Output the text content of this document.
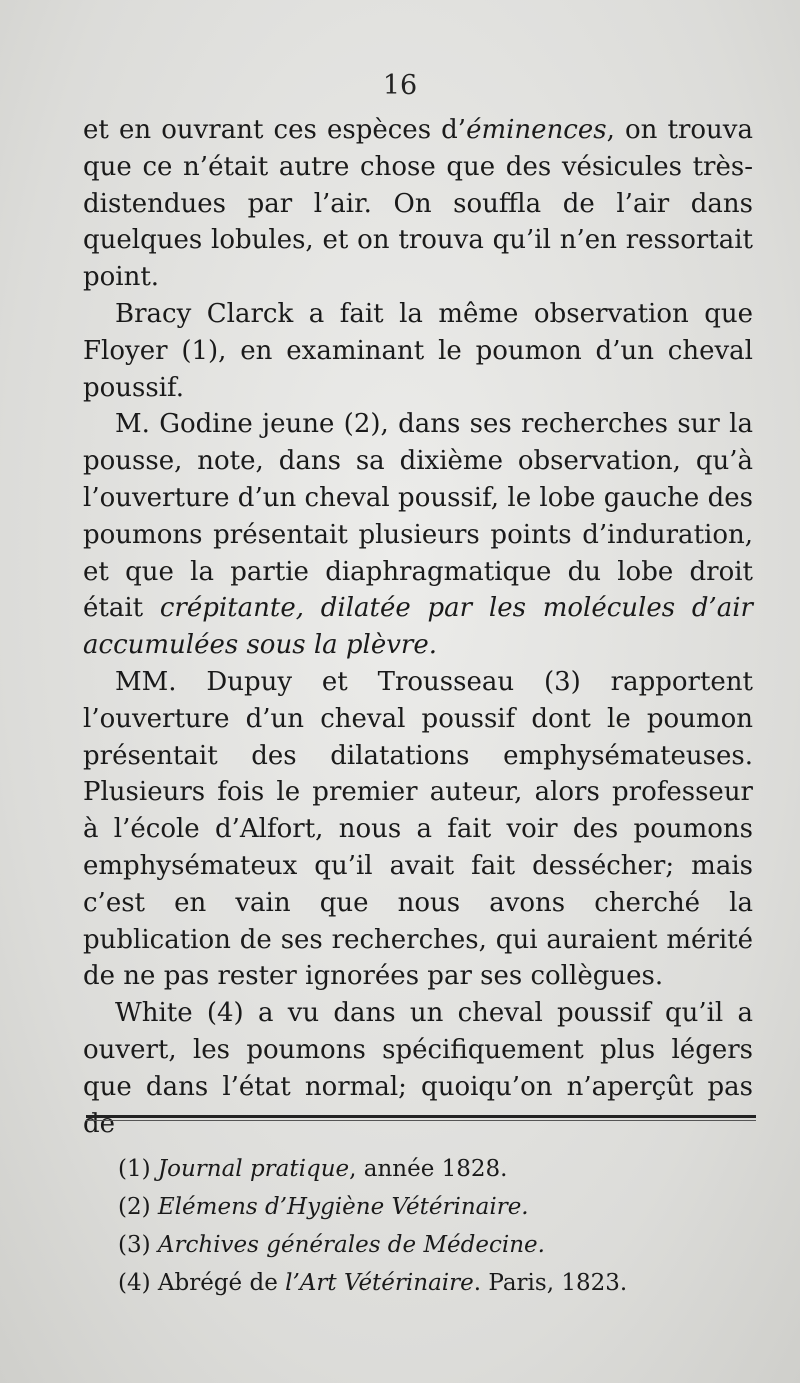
16

et en ouvrant ces espèces d’éminences, on trouva que ce n’était autre chose que des vésicules très-distendues par l’air. On souffla de l’air dans quelques lobules, et on trouva qu’il n’en ressortait point.

Bracy Clarck a fait la même observation que Floyer (1), en examinant le poumon d’un cheval poussif.

M. Godine jeune (2), dans ses recherches sur la pousse, note, dans sa dixième observation, qu’à l’ouverture d’un cheval poussif, le lobe gauche des poumons présentait plusieurs points d’induration, et que la partie diaphragmatique du lobe droit était crépitante, dilatée par les molécules d’air accumulées sous la plèvre.

MM. Dupuy et Trousseau (3) rapportent l’ouverture d’un cheval poussif dont le poumon présentait des dilatations emphysémateuses. Plusieurs fois le premier auteur, alors professeur à l’école d’Alfort, nous a fait voir des poumons emphysémateux qu’il avait fait dessécher; mais c’est en vain que nous avons cherché la publication de ses recherches, qui auraient mérité de ne pas rester ignorées par ses collègues.

White (4) a vu dans un cheval poussif qu’il a ouvert, les poumons spécifiquement plus légers que dans l’état normal; quoiqu’on n’aperçût pas de

(1) Journal pratique, année 1828.
(2) Elémens d’Hygiène Vétérinaire.
(3) Archives générales de Médecine.
(4) Abrégé de l’Art Vétérinaire. Paris, 1823.
